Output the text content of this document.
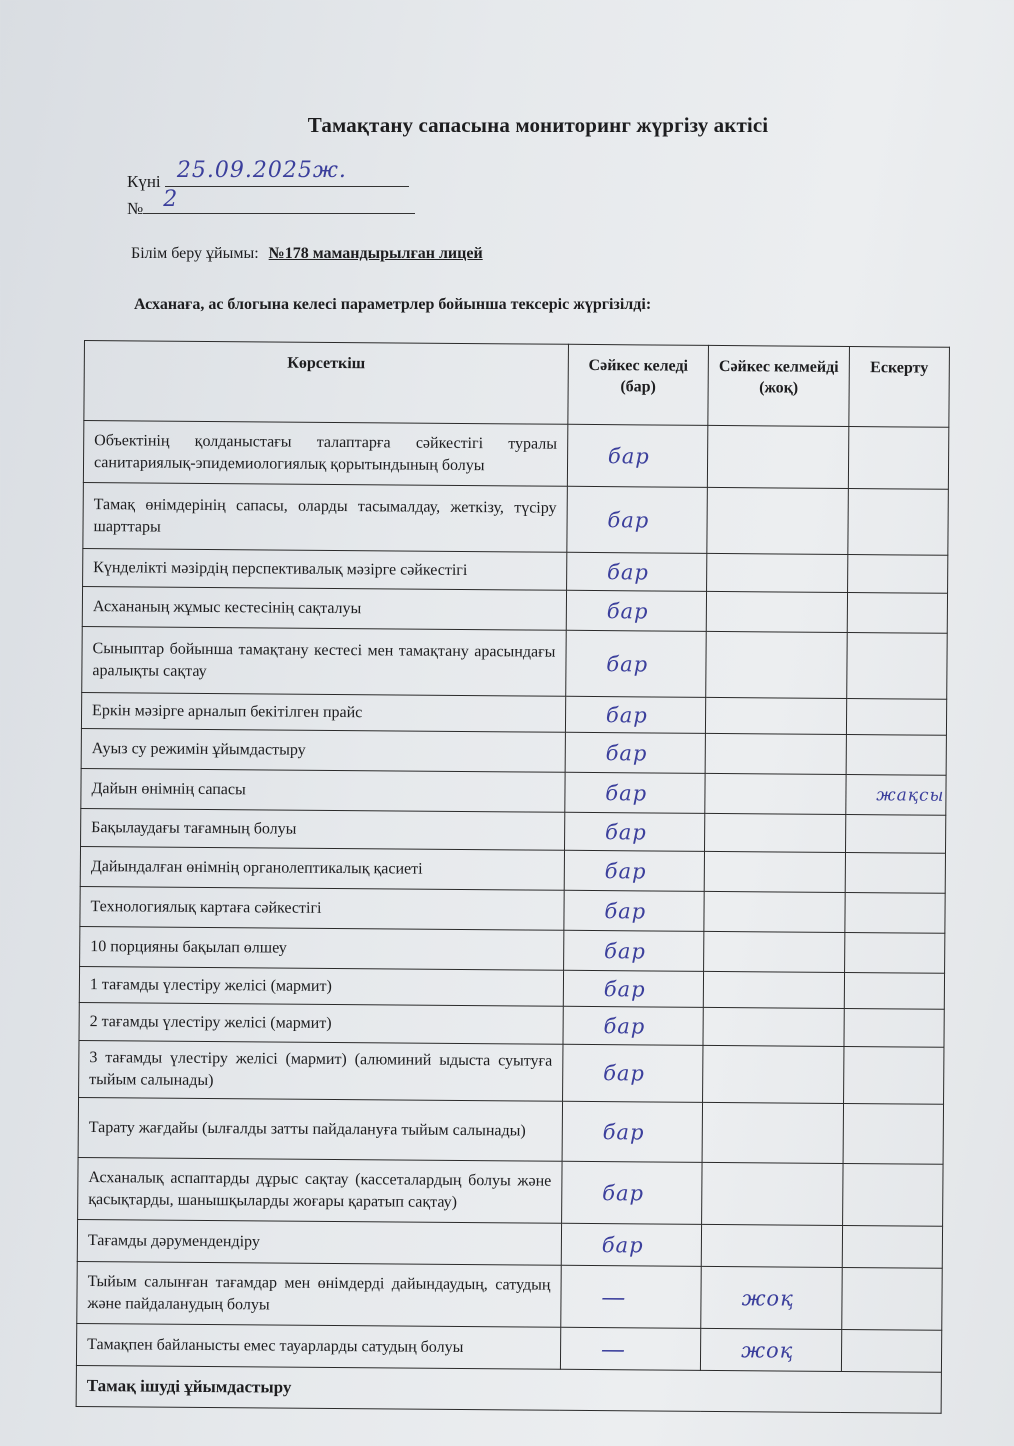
Тамақтану сапасына мониторинг жүргізу актісі
Күні 25.09.2025ж.
№ 2
Білім беру ұйымы: №178 мамандырылған лицей
Асханаға, ас блогына келесі параметрлер бойынша тексеріс жүргізілді:
Көрсеткіш	Сәйкес келеді (бар)	Сәйкес келмейді (жоқ)	Ескерту
Объектінің қолданыстағы талаптарға сәйкестігі туралы санитариялық-эпидемиологиялық қорытындының болуы	бар		
Тамақ өнімдерінің сапасы, оларды тасымалдау, жеткізу, түсіру шарттары	бар		
Күнделікті мәзірдің перспективалық мәзірге сәйкестігі	бар		
Асхананың жұмыс кестесінің сақталуы	бар		
Сыныптар бойынша тамақтану кестесі мен тамақтану арасындағы аралықты сақтау	бар		
Еркін мәзірге арналып бекітілген прайс	бар		
Ауыз су режимін ұйымдастыру	бар		
Дайын өнімнің сапасы	бар		жақсы
Бақылаудағы тағамның болуы	бар		
Дайындалған өнімнің органолептикалық қасиеті	бар		
Технологиялық картаға сәйкестігі	бар		
10 порцияны бақылап өлшеу	бар		
1 тағамды үлестіру желісі (мармит)	бар		
2 тағамды үлестіру желісі (мармит)	бар		
3 тағамды үлестіру желісі (мармит) (алюминий ыдыста суытуға тыйым салынады)	бар		
Тарату жағдайы (ылғалды затты пайдалануға тыйым салынады)	бар		
Асханалық аспаптарды дұрыс сақтау (кассеталардың болуы және қасықтарды, шанышқыларды жоғары қаратып сақтау)	бар		
Тағамды дәрумендендіру	бар		
Тыйым салынған тағамдар мен өнімдерді дайындаудың, сатудың және пайдаланудың болуы	—	жоқ	
Тамақпен байланысты емес тауарларды сатудың болуы	—	жоқ	
Тамақ ішуді ұйымдастыру			
